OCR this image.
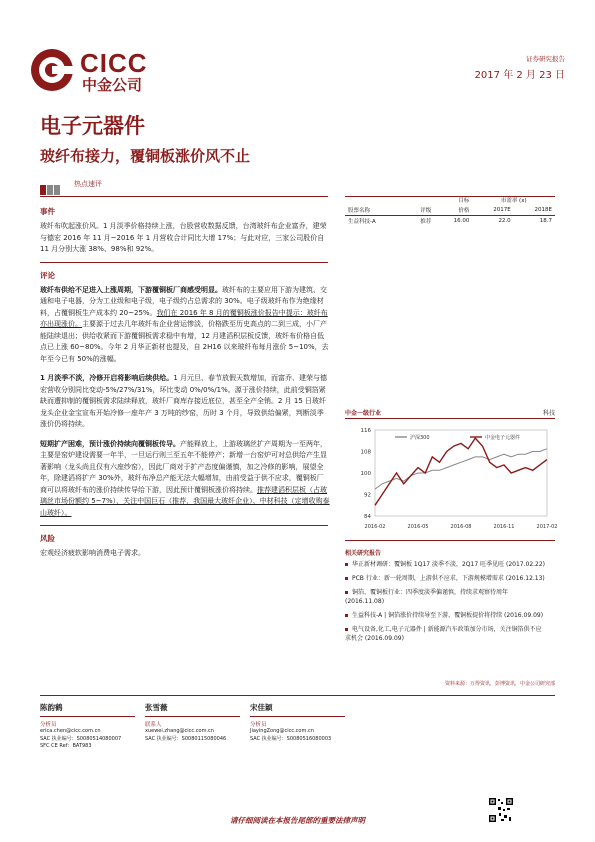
CICC
中金公司
证券研究报告
2017 年 2 月 23 日
电子元器件
玻纤布接力，覆铜板涨价风不止
热点速评
事件
玻纤布吹起涨价风。1 月淡季价格持续上涨，台股营收数据反馈，台湾玻纤布企业富乔，建荣与德宏 2016 年 11 月~2016 年 1 月营收合计同比大增 17%；与此对应，三家公司股价自 11 月分别大涨 38%、98%和 92%。
评论
玻纤布供给不足进入上涨周期，下游覆铜板厂商感受明显。玻纤布的主要应用下游为建筑、交通和电子电器，分为工业级和电子级，电子级约占总需求的 30%。电子级玻纤布作为绝缘材料，占覆铜板生产成本约 20~25%。我们在 2016 年 8 月的覆铜板涨价报告中提示：玻纤布亦出现涨价。主要源于过去几年玻纤布企业营运惨淡，价格跌至历史高点的二到三成，小厂产能陆续退出；供给收紧而下游覆铜板需求稳中有增，12 月建滔积层板反馈，玻纤布价格自低点已上涨 60~80%。今年 2 月华正新材也提及，自 2H16 以来玻纤布每月涨价 5~10%，去年至今已有 50%的涨幅。
1 月淡季不淡，冷修开启将影响后续供给。1 月元旦、春节放假天数增加，而富乔、建荣与德宏营收分别同比变动-5%/27%/31%，环比变动 0%/0%/1%。源于涨价持续，此前受铜箔紧缺而遭抑制的覆铜板需求陆续释放，玻纤厂商库存接近底位，甚至全产全销。2 月 15 日玻纤龙头企业金宝宣布开始冷修一座年产 3 万吨的纱窑，历时 3 个月，导致供给偏紧，判断淡季涨价仍将持续。
短期扩产困难，预计涨价持续向覆铜板传导。产能释放上，上游玻璃丝扩产周期为一至两年，主要是窑炉建设需要一年半，一旦运行则三至五年不能停产；新增一台窑炉可对总供给产生显著影响（龙头尚且仅有六座纱窑），因此厂商对于扩产态度偏谨慎，加之冷修的影响，展望全年，除建滔将扩产 30%外，玻纤布净总产能无法大幅增加，由前受益于供不应求，覆铜板厂商可以将玻纤布的涨价持续传导给下游，因此预计覆铜板涨价将持续。推荐建滔积层板（占玻璃丝市场份额约 5~7%），关注中国巨石（推荐，我国最大玻纤企业）、中材科技（定增收购泰山玻纤）。
风险
宏观经济疲软影响消费电子需求。
		目标	市盈率 (x)	
股票名称	评级	价格	2017E	2018E
生益科技-A	推荐	16.00	22.0	18.7
中金一级行业	科技
84
92
100
108
116
2016-02	2016-05	2016-08	2016-11	2017-02
沪深300	中金电子元器件
相关研究报告
华正新材调研：覆铜板 1Q17 淡季不淡，2Q17 旺季见旺 (2017.02.22)
PCB 行业：新一轮周期，上游供不应求，下游规模增需求 (2016.12.13)
铜箔、覆铜板行业：四季度淡季偏谨慎，持续求观察待周年 (2016.11.08)
生益科技-A | 铜箔涨价持续导至下游，覆铜板提价将持续 (2016.09.09)
电气设备,化工,电子元器件 | 新能源汽车政策加分市场，关注铜箔供不应求机会 (2016.09.09)
资料来源：万得资讯，彭博资讯，中金公司研究部
陈韵鹤
分析员
erica.chen@cicc.com.cn
SAC 执业编号：S0080514080007
SFC CE Ref：BAT983
张雪薇
联系人
xuewei.zhang@cicc.com.cn
SAC 执业编号：S0080115080046
宋佳颖
分析员
JiayingZong@cicc.com.cn
SAC 执业编号：S0080516080003
请仔细阅读在本报告尾部的重要法律声明
